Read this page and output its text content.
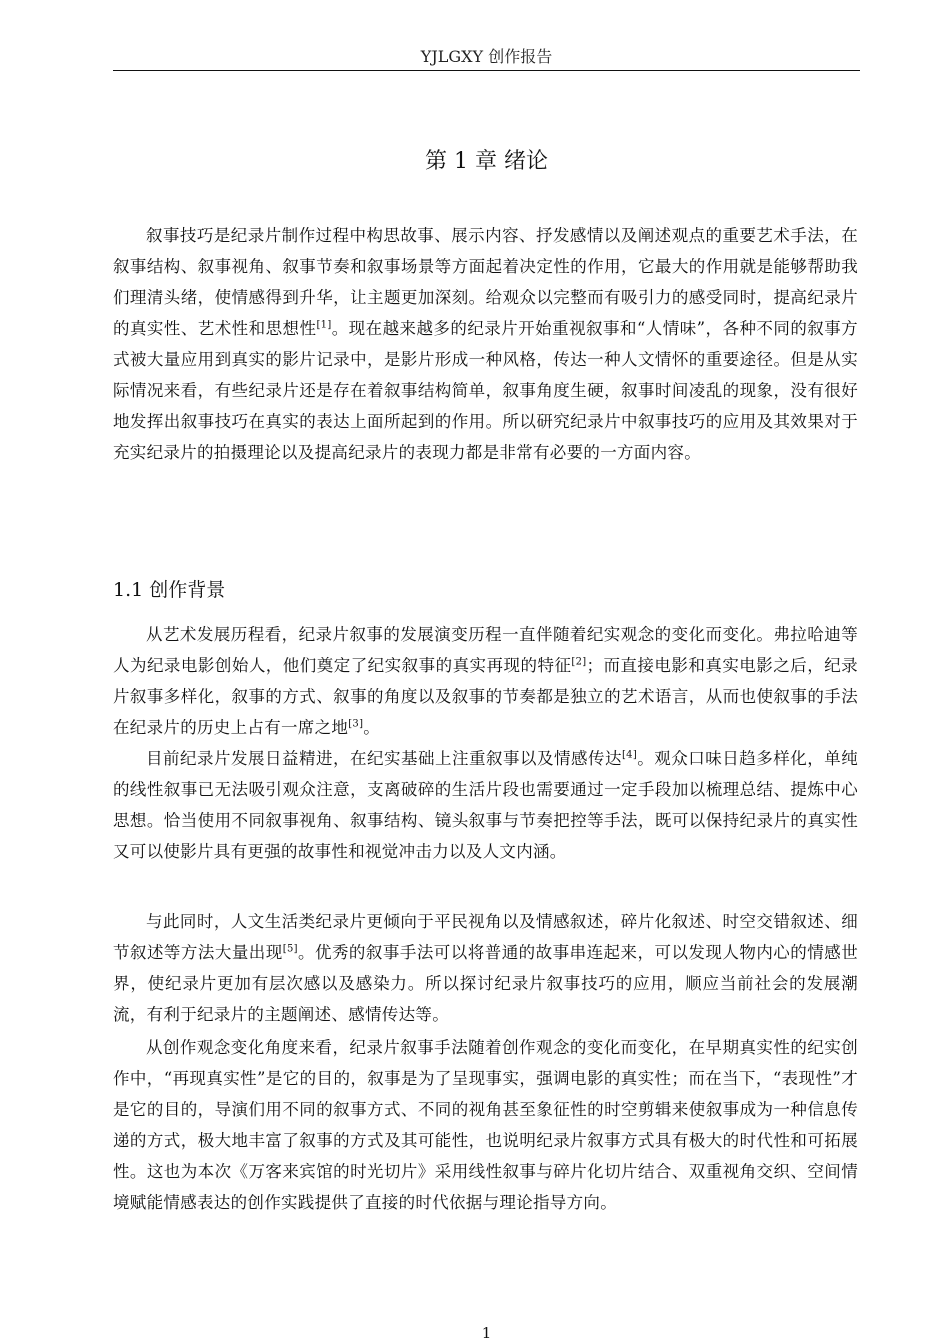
YJLGXY 创作报告
第 1 章 绪论

叙事技巧是纪录片制作过程中构思故事、展示内容、抒发感情以及阐述观点的重要艺术手法，在叙事结构、叙事视角、叙事节奏和叙事场景等方面起着决定性的作用，它最大的作用就是能够帮助我们理清头绪，使情感得到升华，让主题更加深刻。给观众以完整而有吸引力的感受同时，提高纪录片的真实性、艺术性和思想性[1]。现在越来越多的纪录片开始重视叙事和“人情味”，各种不同的叙事方式被大量应用到真实的影片记录中，是影片形成一种风格，传达一种人文情怀的重要途径。但是从实际情况来看，有些纪录片还是存在着叙事结构简单，叙事角度生硬，叙事时间凌乱的现象，没有很好地发挥出叙事技巧在真实的表达上面所起到的作用。所以研究纪录片中叙事技巧的应用及其效果对于充实纪录片的拍摄理论以及提高纪录片的表现力都是非常有必要的一方面内容。

1.1 创作背景

从艺术发展历程看，纪录片叙事的发展演变历程一直伴随着纪实观念的变化而变化。弗拉哈迪等人为纪录电影创始人，他们奠定了纪实叙事的真实再现的特征[2]；而直接电影和真实电影之后，纪录片叙事多样化，叙事的方式、叙事的角度以及叙事的节奏都是独立的艺术语言，从而也使叙事的手法在纪录片的历史上占有一席之地[3]。

目前纪录片发展日益精进，在纪实基础上注重叙事以及情感传达[4]。观众口味日趋多样化，单纯的线性叙事已无法吸引观众注意，支离破碎的生活片段也需要通过一定手段加以梳理总结、提炼中心思想。恰当使用不同叙事视角、叙事结构、镜头叙事与节奏把控等手法，既可以保持纪录片的真实性又可以使影片具有更强的故事性和视觉冲击力以及人文内涵。

与此同时，人文生活类纪录片更倾向于平民视角以及情感叙述，碎片化叙述、时空交错叙述、细节叙述等方法大量出现[5]。优秀的叙事手法可以将普通的故事串连起来，可以发现人物内心的情感世界，使纪录片更加有层次感以及感染力。所以探讨纪录片叙事技巧的应用，顺应当前社会的发展潮流，有利于纪录片的主题阐述、感情传达等。

从创作观念变化角度来看，纪录片叙事手法随着创作观念的变化而变化，在早期真实性的纪实创作中，“再现真实性”是它的目的，叙事是为了呈现事实，强调电影的真实性；而在当下，“表现性”才是它的目的，导演们用不同的叙事方式、不同的视角甚至象征性的时空剪辑来使叙事成为一种信息传递的方式，极大地丰富了叙事的方式及其可能性，也说明纪录片叙事方式具有极大的时代性和可拓展性。这也为本次《万客来宾馆的时光切片》采用线性叙事与碎片化切片结合、双重视角交织、空间情境赋能情感表达的创作实践提供了直接的时代依据与理论指导方向。

1
